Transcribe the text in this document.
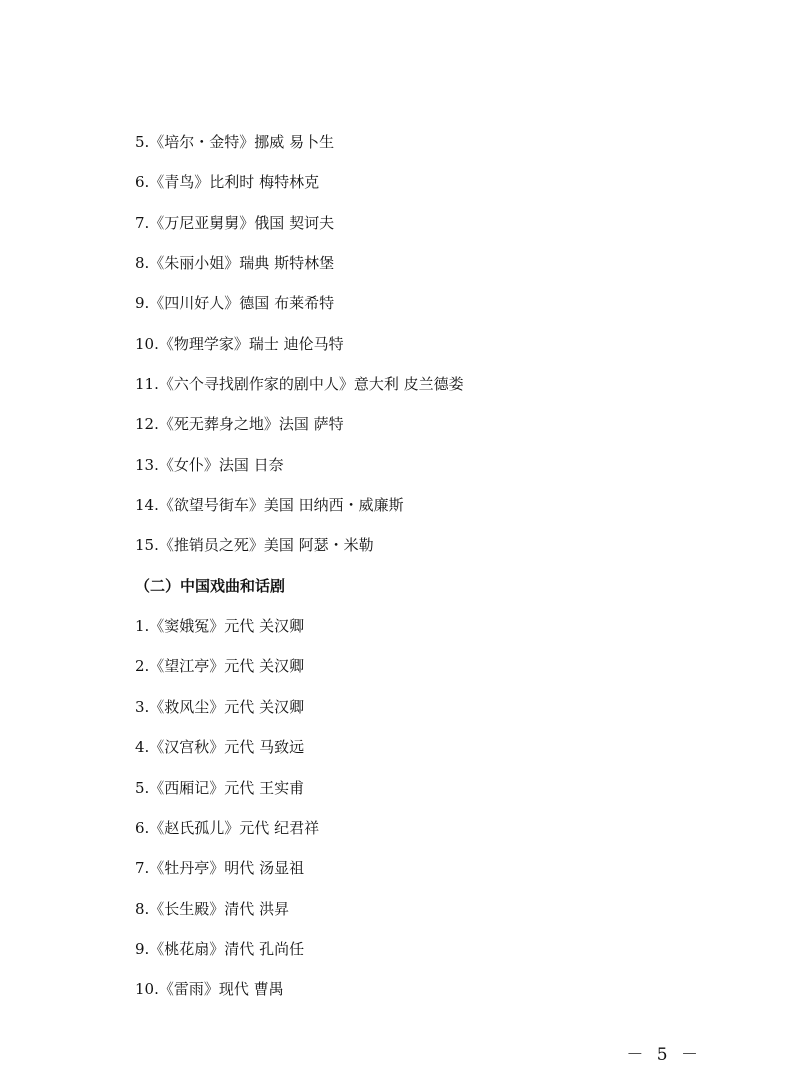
5.《培尔・金特》挪威 易卜生
6.《青鸟》比利时 梅特林克
7.《万尼亚舅舅》俄国 契诃夫
8.《朱丽小姐》瑞典 斯特林堡
9.《四川好人》德国 布莱希特
10.《物理学家》瑞士 迪伦马特
11.《六个寻找剧作家的剧中人》意大利 皮兰德娄
12.《死无葬身之地》法国 萨特
13.《女仆》法国 日奈
14.《欲望号街车》美国 田纳西・威廉斯
15.《推销员之死》美国 阿瑟・米勒
（二）中国戏曲和话剧
1.《窦娥冤》元代 关汉卿
2.《望江亭》元代 关汉卿
3.《救风尘》元代 关汉卿
4.《汉宫秋》元代 马致远
5.《西厢记》元代 王实甫
6.《赵氏孤儿》元代 纪君祥
7.《牡丹亭》明代 汤显祖
8.《长生殿》清代 洪昇
9.《桃花扇》清代 孔尚任
10.《雷雨》现代 曹禺
－ 5 －
